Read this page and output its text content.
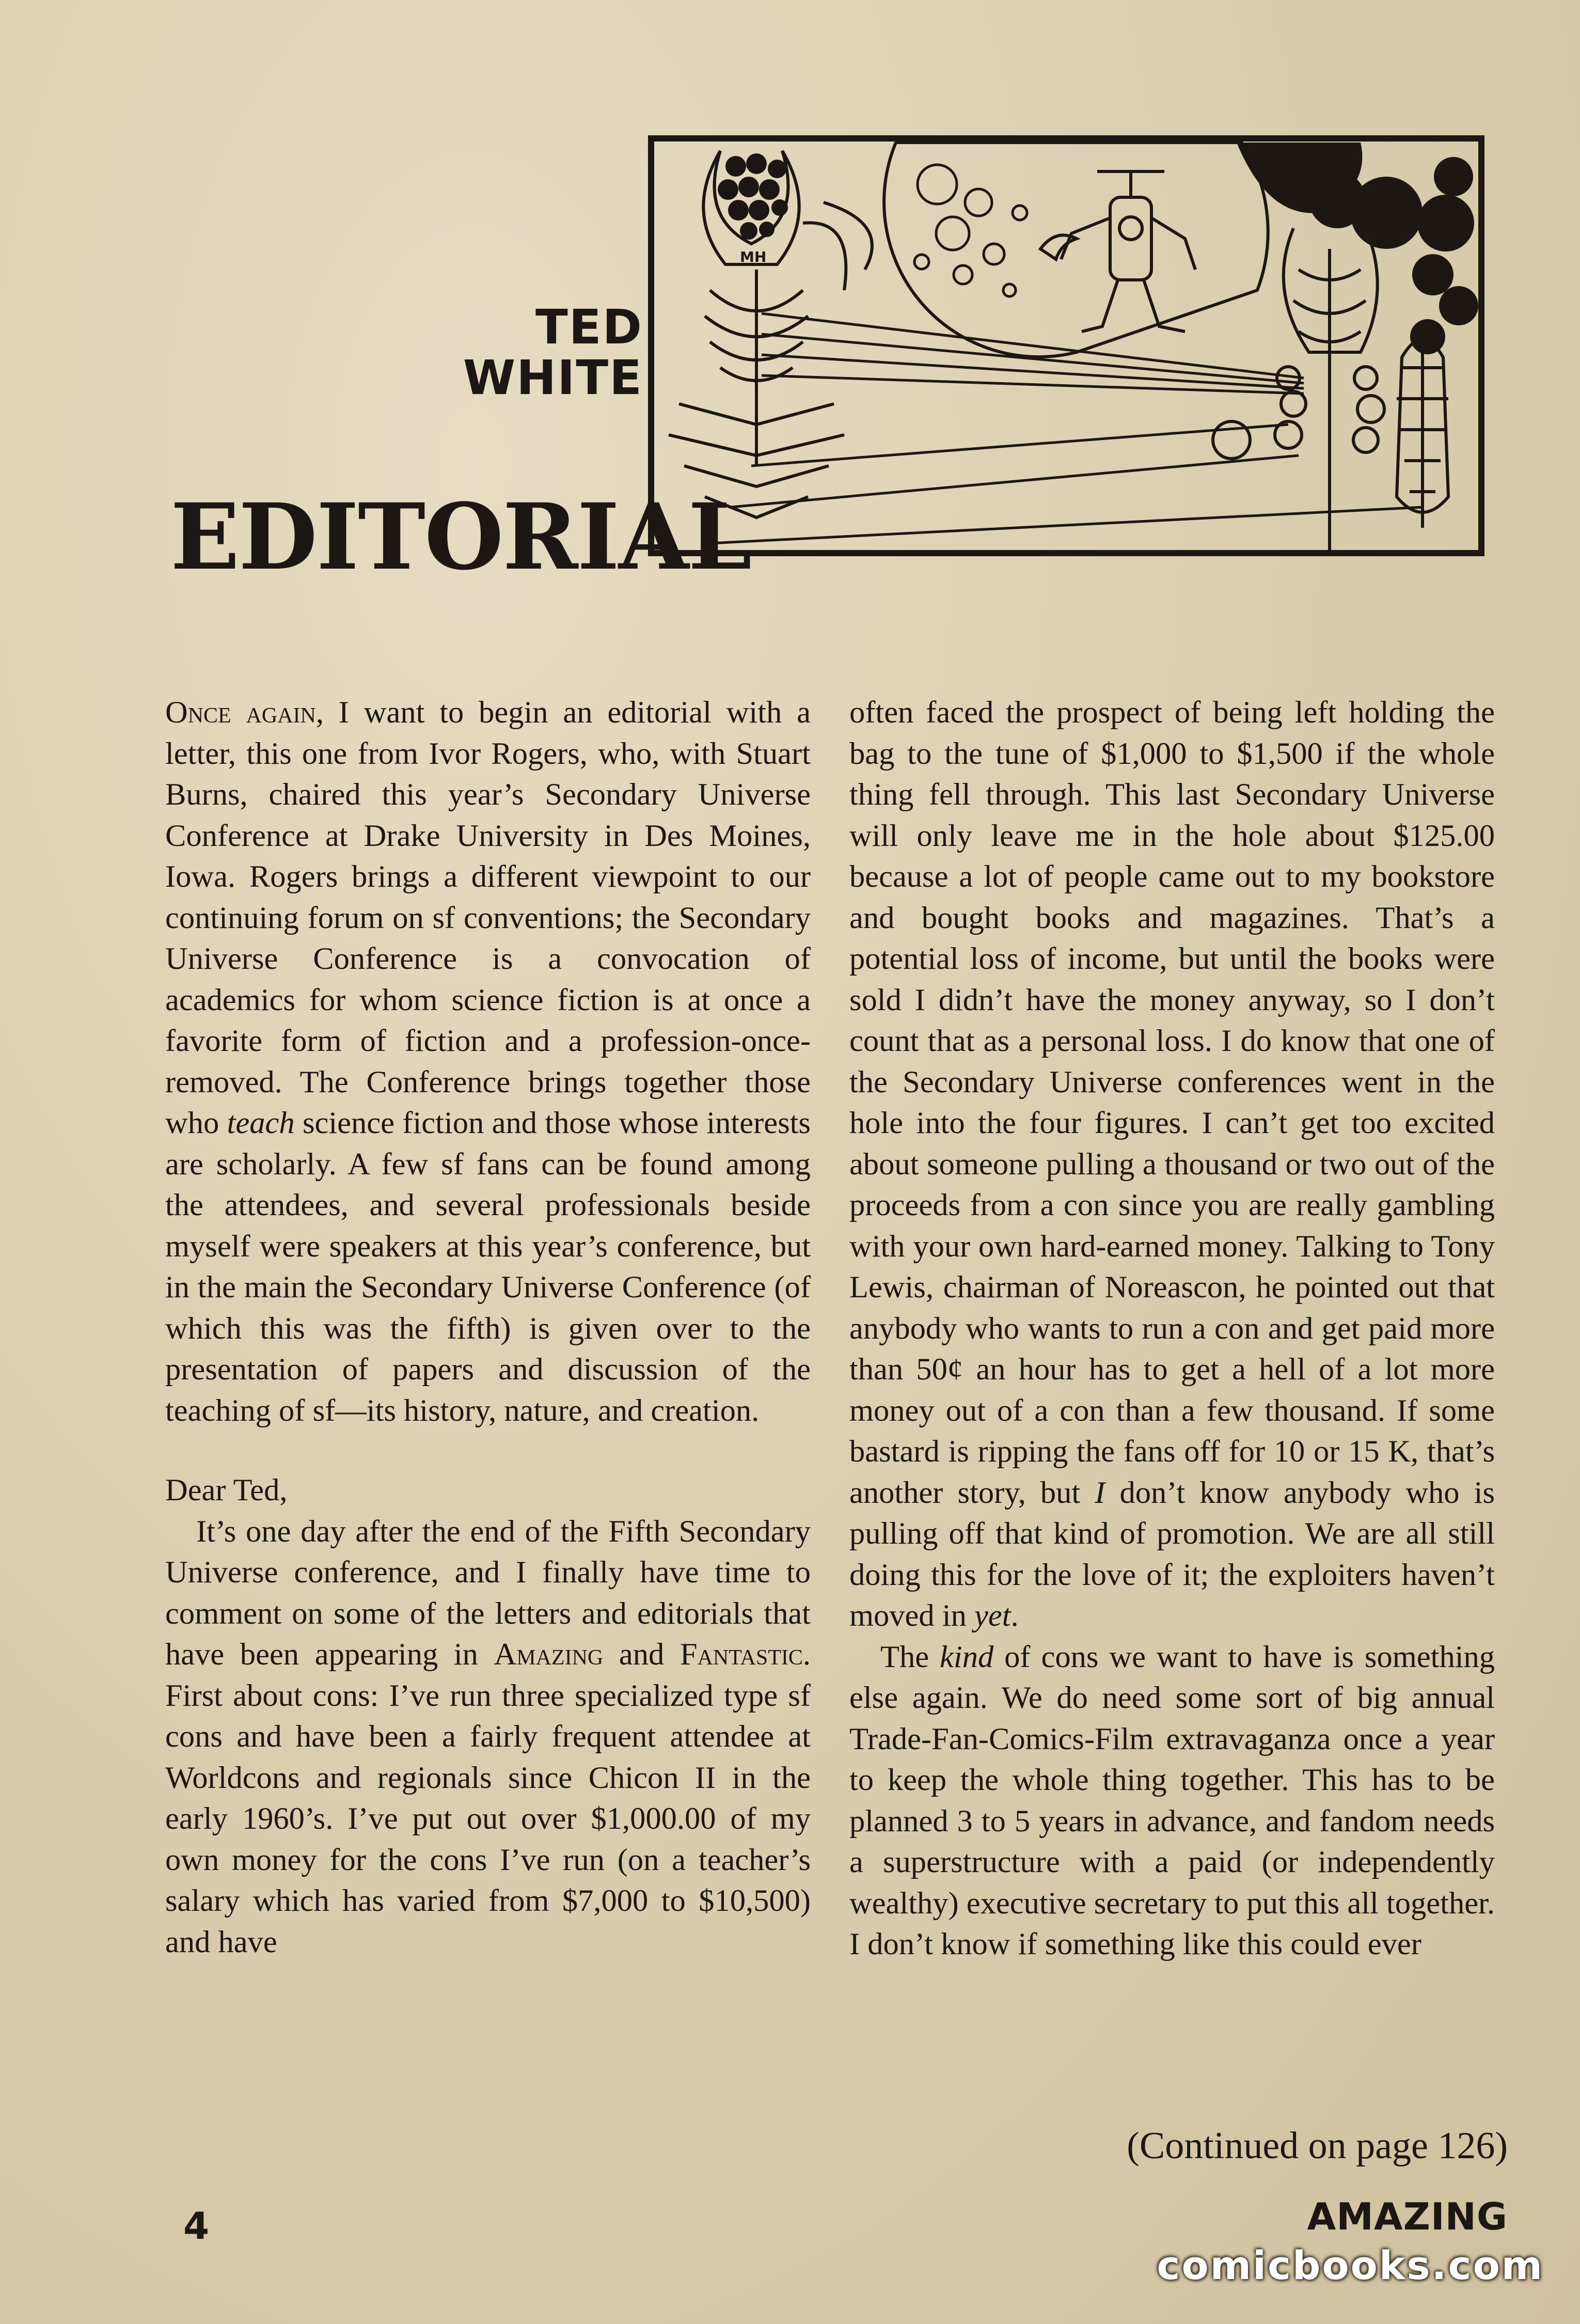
TED
WHITE
EDITORIAL
MH

Once again, I want to begin an editorial with a letter, this one from Ivor Rogers, who, with Stuart Burns, chaired this year’s Secondary Universe Conference at Drake University in Des Moines, Iowa. Rogers brings a different viewpoint to our continuing forum on sf conventions; the Secondary Universe Conference is a convocation of academics for whom science fiction is at once a favorite form of fiction and a profession-once-removed. The Conference brings together those who teach science fiction and those whose interests are scholarly. A few sf fans can be found among the attendees, and several professionals beside myself were speakers at this year’s conference, but in the main the Secondary Universe Conference (of which this was the fifth) is given over to the presentation of papers and discussion of the teaching of sf—its history, nature, and creation.

Dear Ted,

It’s one day after the end of the Fifth Secondary Universe conference, and I finally have time to comment on some of the letters and editorials that have been appearing in Amazing and Fantastic. First about cons: I’ve run three specialized type sf cons and have been a fairly frequent attendee at Worldcons and regionals since Chicon II in the early 1960’s. I’ve put out over $1,000.00 of my own money for the cons I’ve run (on a teacher’s salary which has varied from $7,000 to $10,500) and have

often faced the prospect of being left holding the bag to the tune of $1,000 to $1,500 if the whole thing fell through. This last Secondary Universe will only leave me in the hole about $125.00 because a lot of people came out to my bookstore and bought books and magazines. That’s a potential loss of income, but until the books were sold I didn’t have the money anyway, so I don’t count that as a personal loss. I do know that one of the Secondary Universe conferences went in the hole into the four figures. I can’t get too excited about someone pulling a thousand or two out of the proceeds from a con since you are really gambling with your own hard-earned money. Talking to Tony Lewis, chairman of Noreascon, he pointed out that anybody who wants to run a con and get paid more than 50¢ an hour has to get a hell of a lot more money out of a con than a few thousand. If some bastard is ripping the fans off for 10 or 15 K, that’s another story, but I don’t know anybody who is pulling off that kind of promotion. We are all still doing this for the love of it; the exploiters haven’t moved in yet.

The kind of cons we want to have is something else again. We do need some sort of big annual Trade-Fan-Comics-Film extravaganza once a year to keep the whole thing together. This has to be planned 3 to 5 years in advance, and fandom needs a superstructure with a paid (or independently wealthy) executive secretary to put this all together. I don’t know if something like this could ever

(Continued on page 126)
4	AMAZING
comicbooks.com
